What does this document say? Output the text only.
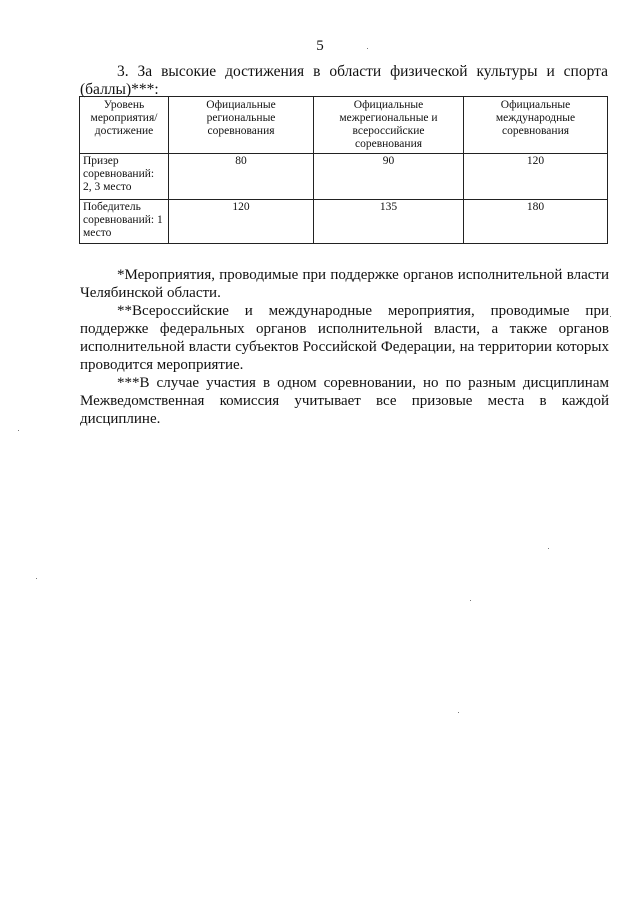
5
3. За высокие достижения в области физической культуры и спорта (баллы)***:
Уровень мероприятия/ достижение	Официальные региональные соревнования	Официальные межрегиональные и всероссийские соревнования	Официальные международные соревнования
Призер соревнований: 2, 3 место	80	90	120
Победитель соревнований: 1 место	120	135	180

*Мероприятия, проводимые при поддержке органов исполнительной власти Челябинской области.

**Всероссийские и международные мероприятия, проводимые при поддержке федеральных органов исполнительной власти, а также органов исполнительной власти субъектов Российской Федерации, на территории которых проводится мероприятие.

***В случае участия в одном соревновании, но по разным дисциплинам Межведомственная комиссия учитывает все призовые места в каждой дисциплине.
